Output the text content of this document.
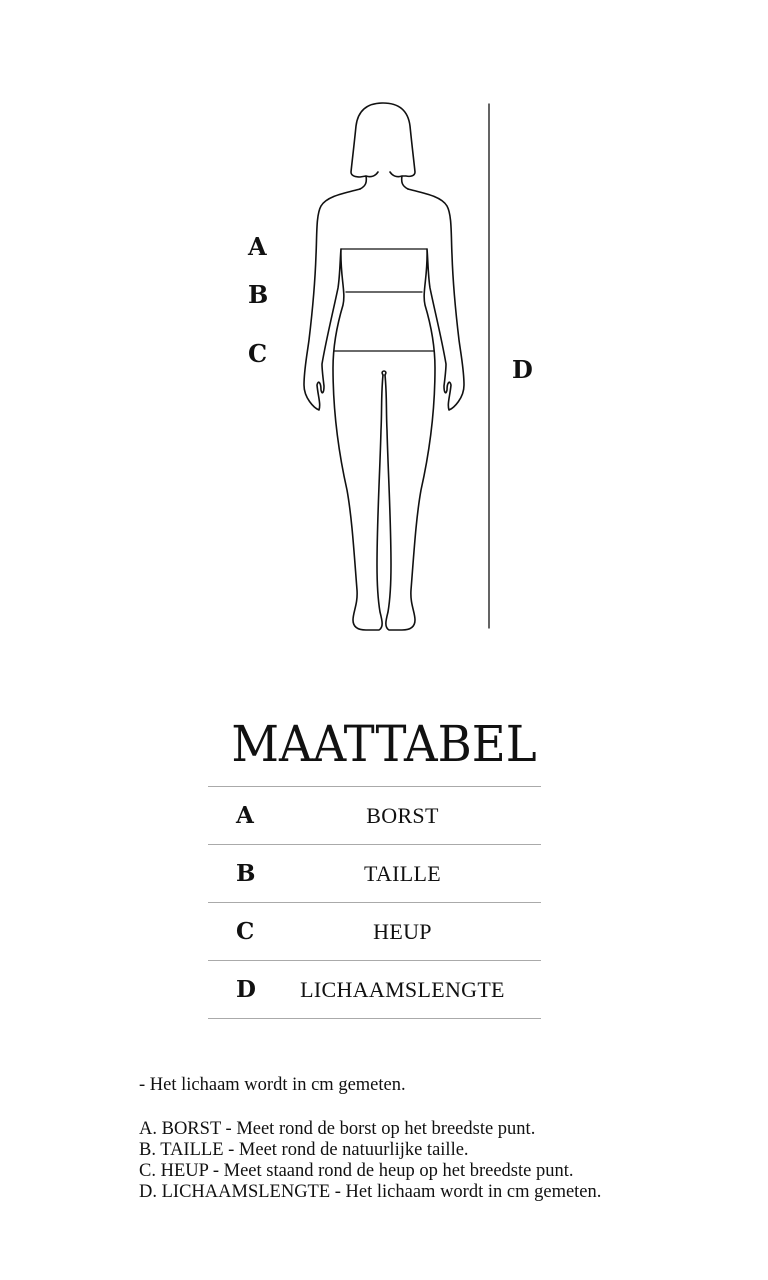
A
B
C
D
MAATTABEL
A	BORST
B	TAILLE
C	HEUP
D	LICHAAMSLENGTE

- Het lichaam wordt in cm gemeten.

A. BORST - Meet rond de borst op het breedste punt.

B. TAILLE - Meet rond de natuurlijke taille.

C. HEUP - Meet staand rond de heup op het breedste punt.

D. LICHAAMSLENGTE - Het lichaam wordt in cm gemeten.
